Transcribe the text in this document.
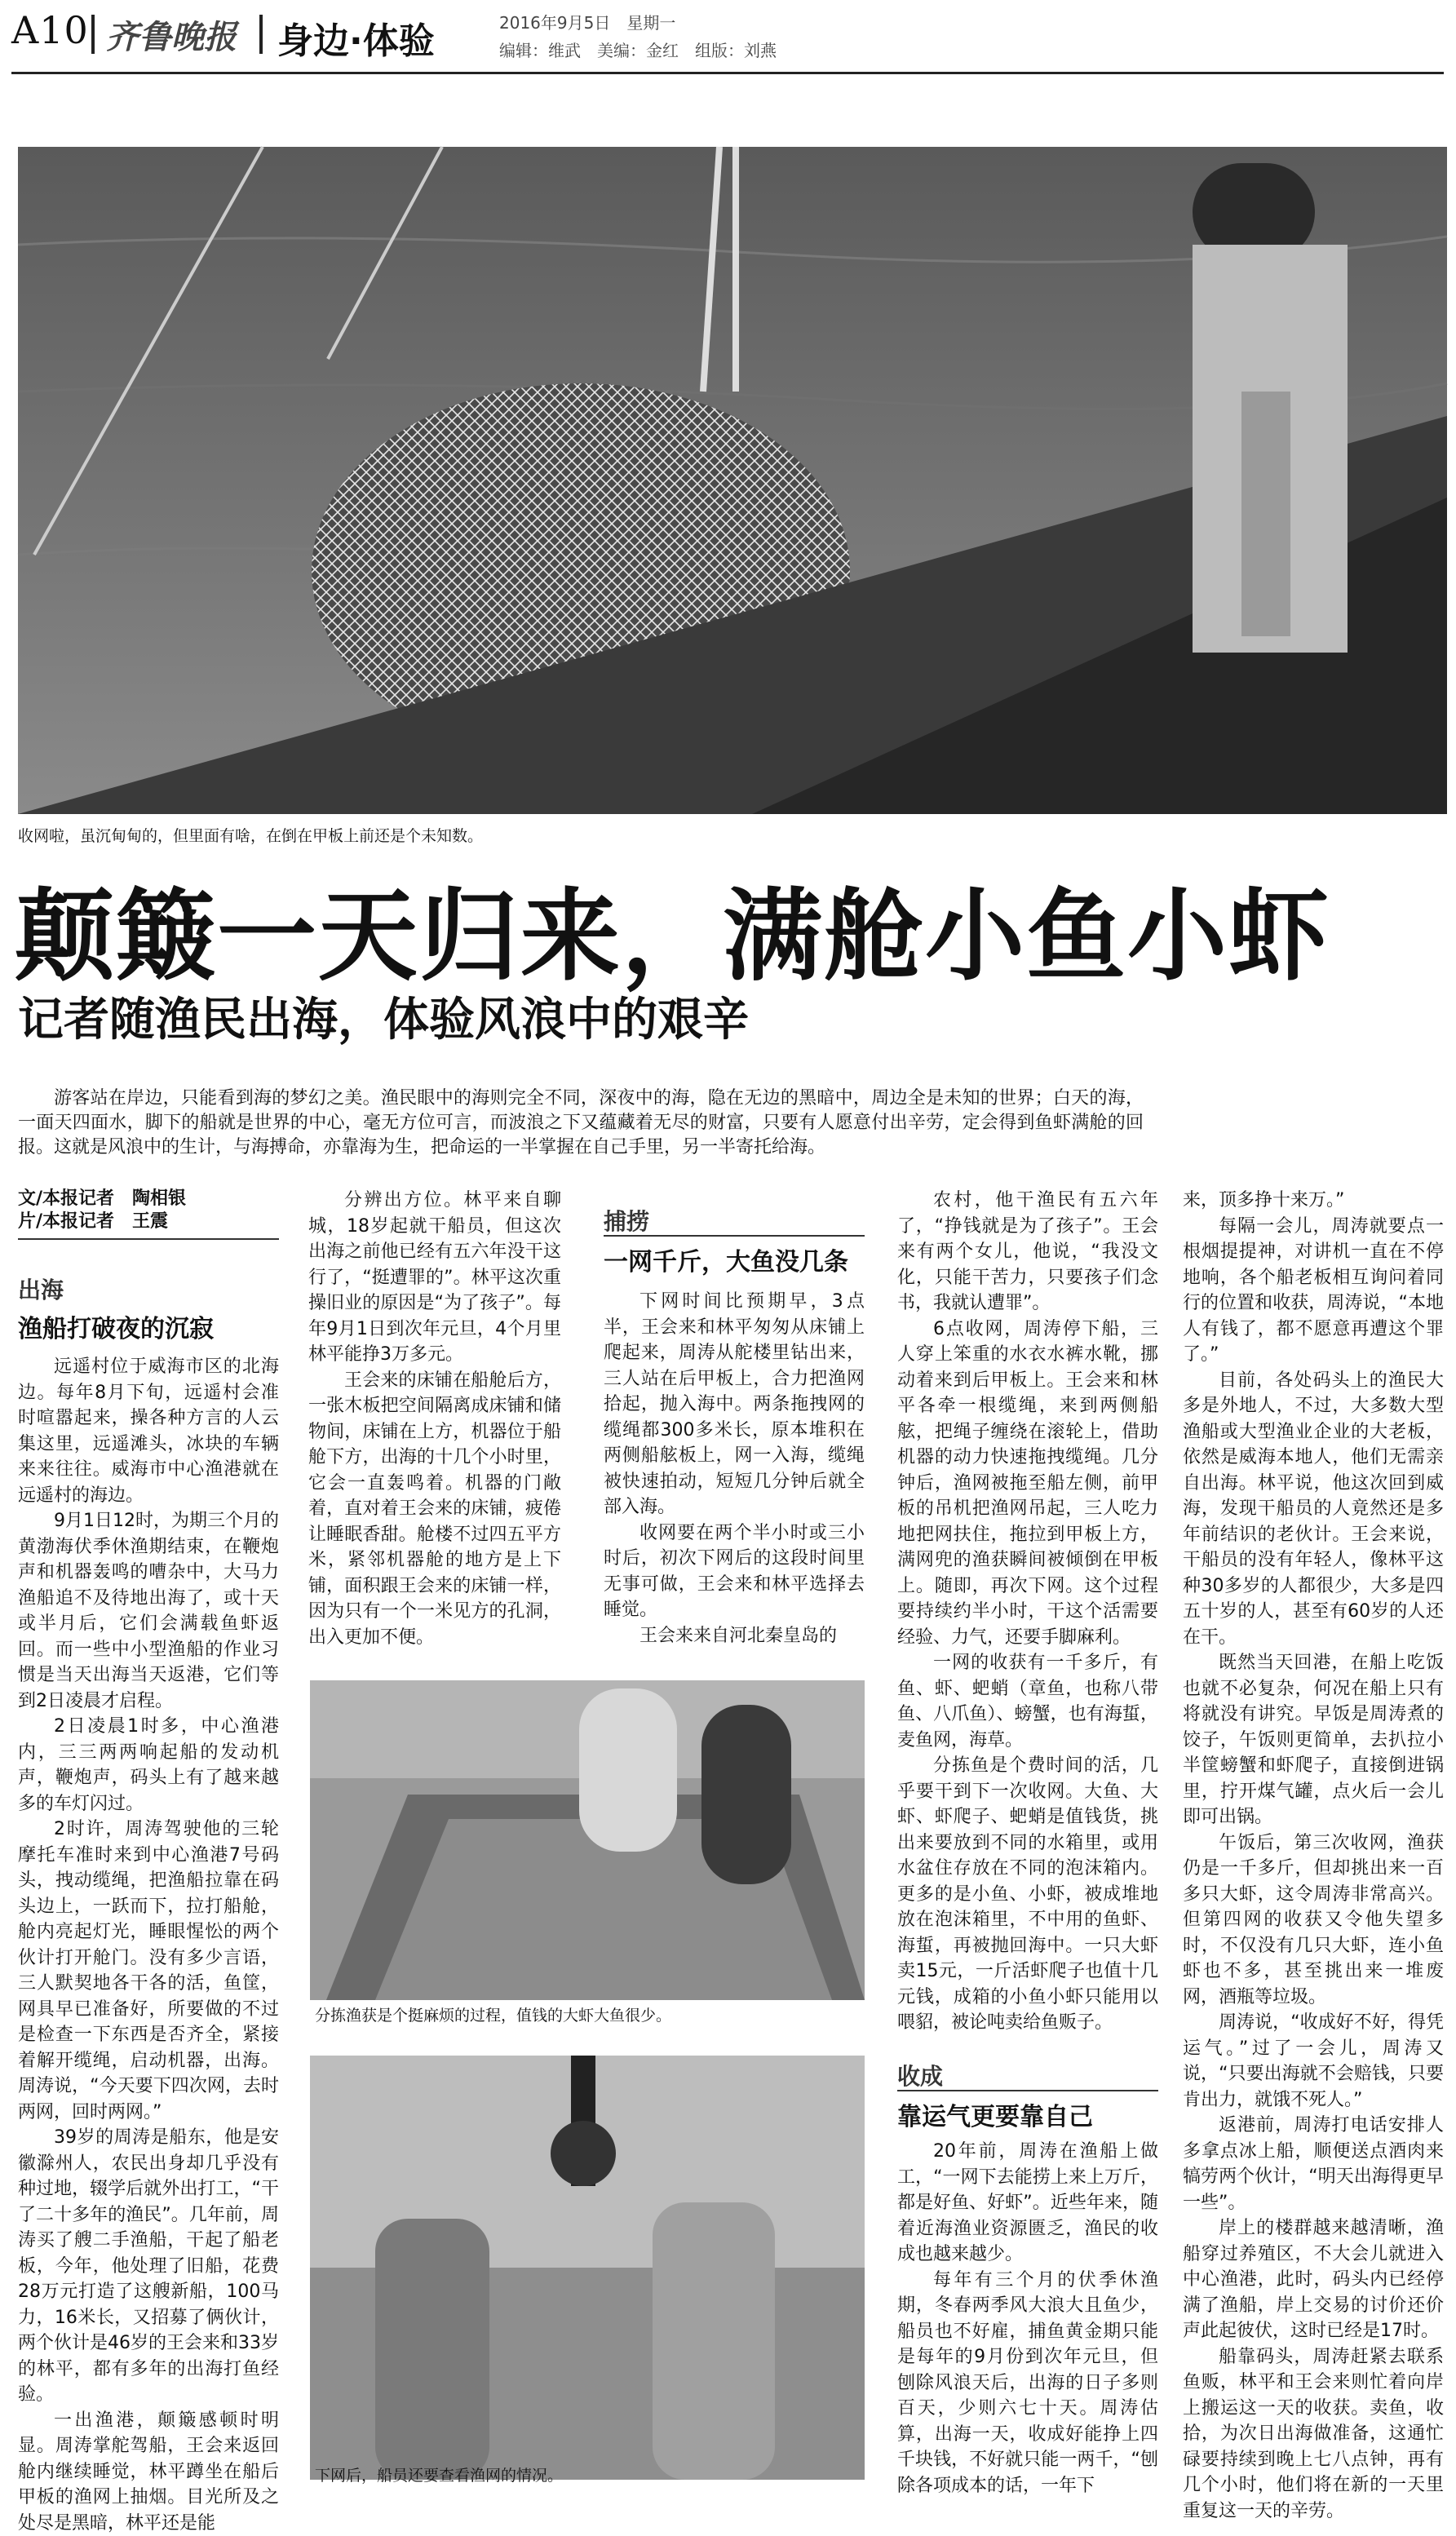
A10 齐鲁晚报 身边·体验	2016年9月5日　星期一
编辑：维武　美编：金红　组版：刘燕
收网啦，虽沉甸甸的，但里面有啥，在倒在甲板上前还是个未知数。
颠簸一天归来，满舱小鱼小虾
记者随渔民出海，体验风浪中的艰辛
游客站在岸边，只能看到海的梦幻之美。渔民眼中的海则完全不同，深夜中的海，隐在无边的黑暗中，周边全是未知的世界；白天的海，一面天四面水，脚下的船就是世界的中心，毫无方位可言，而波浪之下又蕴藏着无尽的财富，只要有人愿意付出辛劳，定会得到鱼虾满舱的回报。这就是风浪中的生计，与海搏命，亦靠海为生，把命运的一半掌握在自己手里，另一半寄托给海。
文/本报记者　陶相银
片/本报记者　王震
出海
渔船打破夜的沉寂

远遥村位于威海市区的北海边。每年8月下旬，远遥村会准时喧嚣起来，操各种方言的人云集这里，远遥滩头，冰块的车辆来来往往。威海市中心渔港就在远遥村的海边。

9月1日12时，为期三个月的黄渤海伏季休渔期结束，在鞭炮声和机器轰鸣的嘈杂中，大马力渔船追不及待地出海了，或十天或半月后，它们会满载鱼虾返回。而一些中小型渔船的作业习惯是当天出海当天返港，它们等到2日凌晨才启程。

2日凌晨1时多，中心渔港内，三三两两响起船的发动机声，鞭炮声，码头上有了越来越多的车灯闪过。

2时许，周涛驾驶他的三轮摩托车准时来到中心渔港7号码头，拽动缆绳，把渔船拉靠在码头边上，一跃而下，拉打船舱，舱内亮起灯光，睡眼惺忪的两个伙计打开舱门。没有多少言语，三人默契地各干各的活，鱼筐，网具早已准备好，所要做的不过是检查一下东西是否齐全，紧接着解开缆绳，启动机器，出海。周涛说，“今天要下四次网，去时两网，回时两网。”

39岁的周涛是船东，他是安徽滁州人，农民出身却几乎没有种过地，辍学后就外出打工，“干了二十多年的渔民”。几年前，周涛买了艘二手渔船，干起了船老板，今年，他处理了旧船，花费28万元打造了这艘新船，100马力，16米长，又招募了俩伙计，两个伙计是46岁的王会来和33岁的林平，都有多年的出海打鱼经验。

一出渔港，颠簸感顿时明显。周涛掌舵驾船，王会来返回舱内继续睡觉，林平蹲坐在船后甲板的渔网上抽烟。目光所及之处尽是黑暗，林平还是能

分辨出方位。林平来自聊城，18岁起就干船员，但这次出海之前他已经有五六年没干这行了，“挺遭罪的”。林平这次重操旧业的原因是“为了孩子”。每年9月1日到次年元旦，4个月里林平能挣3万多元。

王会来的床铺在船舱后方，一张木板把空间隔离成床铺和储物间，床铺在上方，机器位于船舱下方，出海的十几个小时里，它会一直轰鸣着。机器的门敞着，直对着王会来的床铺，疲倦让睡眠香甜。舱楼不过四五平方米，紧邻机器舱的地方是上下铺，面积跟王会来的床铺一样，因为只有一个一米见方的孔洞，出入更加不便。

捕捞
一网千斤，大鱼没几条

下网时间比预期早，3点半，王会来和林平匆匆从床铺上爬起来，周涛从舵楼里钻出来，三人站在后甲板上，合力把渔网拾起，抛入海中。两条拖拽网的缆绳都300多米长，原本堆积在两侧船舷板上，网一入海，缆绳被快速拍动，短短几分钟后就全部入海。

收网要在两个半小时或三小时后，初次下网后的这段时间里无事可做，王会来和林平选择去睡觉。

王会来来自河北秦皇岛的

分拣渔获是个挺麻烦的过程，值钱的大虾大鱼很少。
下网后，船员还要查看渔网的情况。

农村，他干渔民有五六年了，“挣钱就是为了孩子”。王会来有两个女儿，他说，“我没文化，只能干苦力，只要孩子们念书，我就认遭罪”。

6点收网，周涛停下船，三人穿上笨重的水衣水裤水靴，挪动着来到后甲板上。王会来和林平各牵一根缆绳，来到两侧船舷，把绳子缠绕在滚轮上，借助机器的动力快速拖拽缆绳。几分钟后，渔网被拖至船左侧，前甲板的吊机把渔网吊起，三人吃力地把网扶住，拖拉到甲板上方，满网兜的渔获瞬间被倾倒在甲板上。随即，再次下网。这个过程要持续约半小时，干这个活需要经验、力气，还要手脚麻利。

一网的收获有一千多斤，有鱼、虾、蚆蛸（章鱼，也称八带鱼、八爪鱼）、螃蟹，也有海蜇，麦鱼网，海草。

分拣鱼是个费时间的活，几乎要干到下一次收网。大鱼、大虾、虾爬子、蚆蛸是值钱货，挑出来要放到不同的水箱里，或用水盆住存放在不同的泡沫箱内。更多的是小鱼、小虾，被成堆地放在泡沫箱里，不中用的鱼虾、海蜇，再被抛回海中。一只大虾卖15元，一斤活虾爬子也值十几元钱，成箱的小鱼小虾只能用以喂貂，被论吨卖给鱼贩子。

收成
靠运气更要靠自己

20年前，周涛在渔船上做工，“一网下去能捞上来上万斤，都是好鱼、好虾”。近些年来，随着近海渔业资源匮乏，渔民的收成也越来越少。

每年有三个月的伏季休渔期，冬春两季风大浪大且鱼少，船员也不好雇，捕鱼黄金期只能是每年的9月份到次年元旦，但刨除风浪天后，出海的日子多则百天，少则六七十天。周涛估算，出海一天，收成好能挣上四千块钱，不好就只能一两千，“刨除各项成本的话，一年下

来，顶多挣十来万。”

每隔一会儿，周涛就要点一根烟提提神，对讲机一直在不停地响，各个船老板相互询问着同行的位置和收获，周涛说，“本地人有钱了，都不愿意再遭这个罪了。”

目前，各处码头上的渔民大多是外地人，不过，大多数大型渔船或大型渔业企业的大老板，依然是威海本地人，他们无需亲自出海。林平说，他这次回到威海，发现干船员的人竟然还是多年前结识的老伙计。王会来说，干船员的没有年轻人，像林平这种30多岁的人都很少，大多是四五十岁的人，甚至有60岁的人还在干。

既然当天回港，在船上吃饭也就不必复杂，何况在船上只有将就没有讲究。早饭是周涛煮的饺子，午饭则更简单，去扒拉小半筐螃蟹和虾爬子，直接倒进锅里，拧开煤气罐，点火后一会儿即可出锅。

午饭后，第三次收网，渔获仍是一千多斤，但却挑出来一百多只大虾，这令周涛非常高兴。但第四网的收获又令他失望多时，不仅没有几只大虾，连小鱼虾也不多，甚至挑出来一堆废网，酒瓶等垃圾。

周涛说，“收成好不好，得凭运气。”过了一会儿，周涛又说，“只要出海就不会赔钱，只要肯出力，就饿不死人。”

返港前，周涛打电话安排人多拿点冰上船，顺便送点酒肉来犒劳两个伙计，“明天出海得更早一些”。

岸上的楼群越来越清晰，渔船穿过养殖区，不大会儿就进入中心渔港，此时，码头内已经停满了渔船，岸上交易的讨价还价声此起彼伏，这时已经是17时。

船靠码头，周涛赶紧去联系鱼贩，林平和王会来则忙着向岸上搬运这一天的收获。卖鱼，收拾，为次日出海做准备，这通忙碌要持续到晚上七八点钟，再有几个小时，他们将在新的一天里重复这一天的辛劳。
